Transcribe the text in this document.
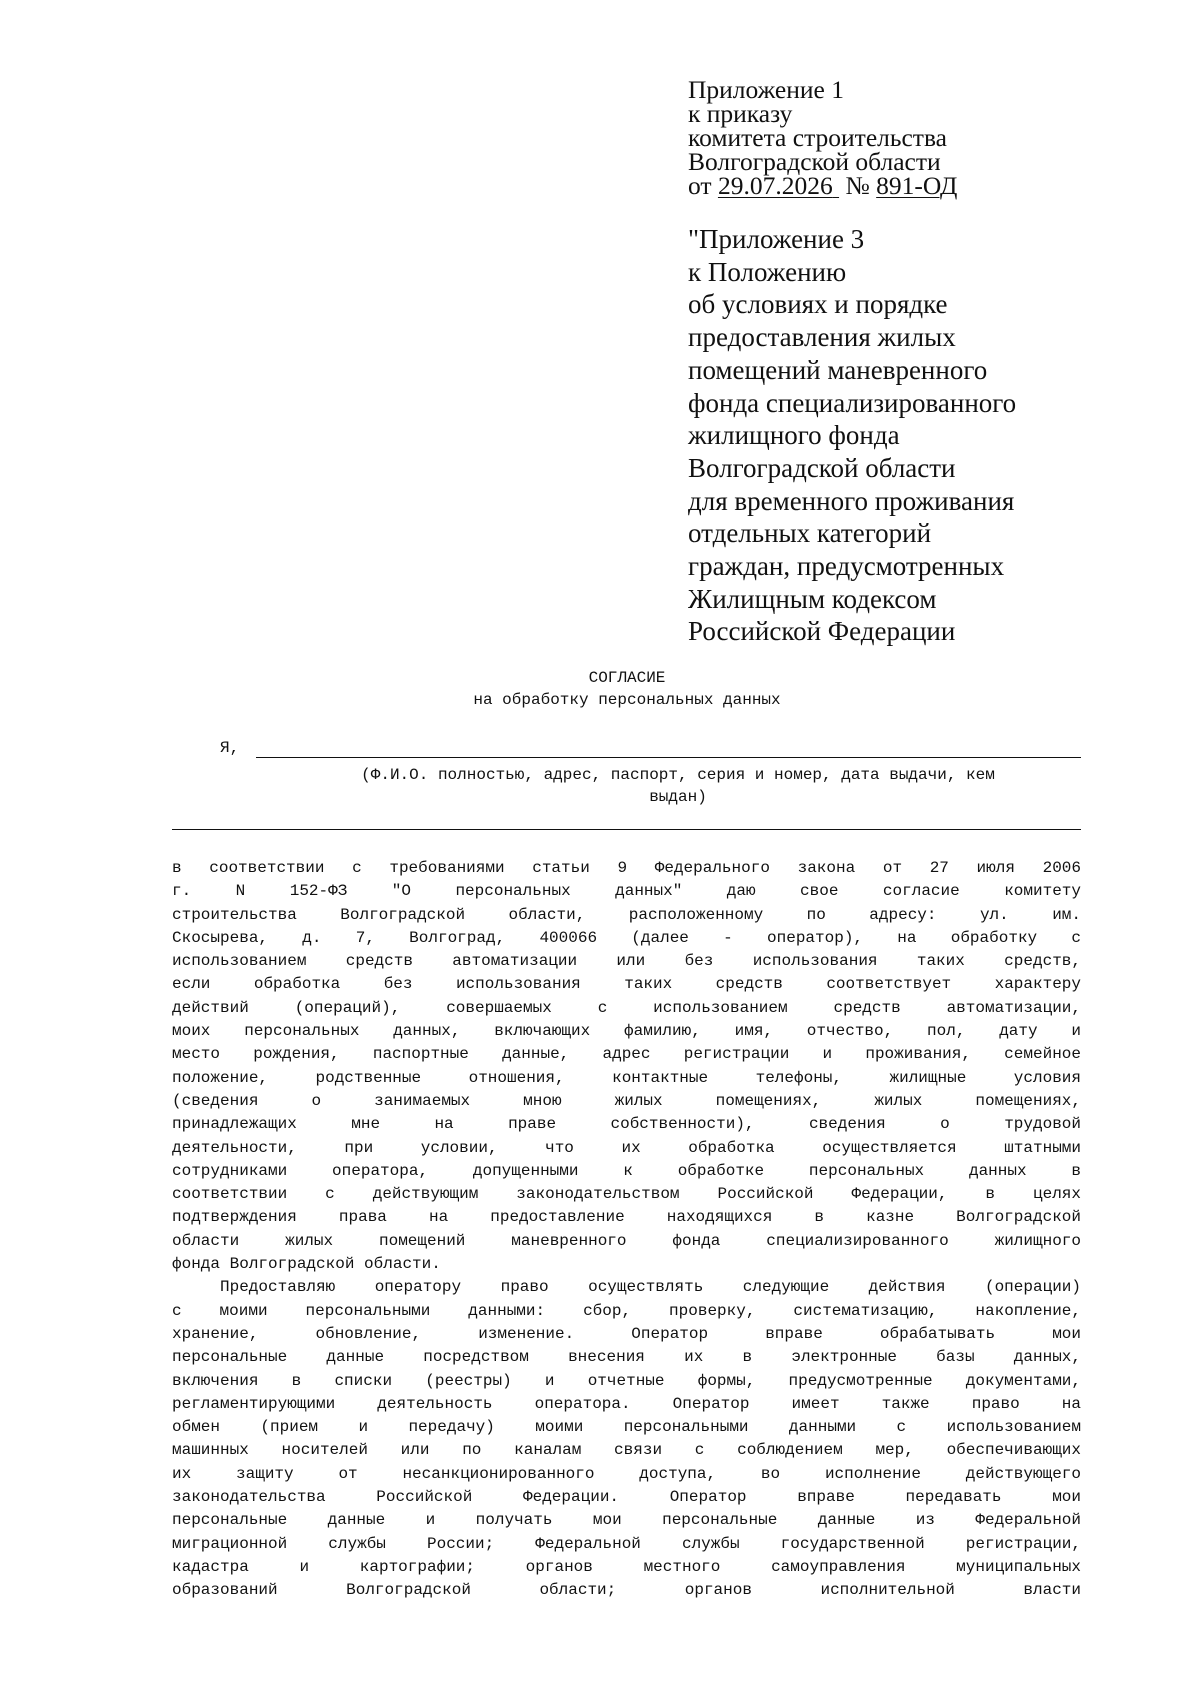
Приложение 1
к приказу
комитета строительства
Волгоградской области
от 29.07.2026 № 891-ОД
"Приложение 3
к Положению
об условиях и порядке
предоставления жилых
помещений маневренного
фонда специализированного
жилищного фонда
Волгоградской области
для временного проживания
отдельных категорий
граждан, предусмотренных
Жилищным кодексом
Российской Федерации
СОГЛАСИЕ
на обработку персональных данных
Я,
(Ф.И.О. полностью, адрес, паспорт, серия и номер, дата выдачи, кем
выдан)
в соответствии с требованиями статьи 9 Федерального закона от 27 июля 2006
г. N 152-ФЗ "О персональных данных" даю свое согласие комитету
строительства Волгоградской области, расположенному по адресу: ул. им.
Скосырева, д. 7, Волгоград, 400066 (далее - оператор), на обработку с
использованием средств автоматизации или без использования таких средств,
если обработка без использования таких средств соответствует характеру
действий (операций), совершаемых с использованием средств автоматизации,
моих персональных данных, включающих фамилию, имя, отчество, пол, дату и
место рождения, паспортные данные, адрес регистрации и проживания, семейное
положение, родственные отношения, контактные телефоны, жилищные условия
(сведения о занимаемых мною жилых помещениях, жилых помещениях,
принадлежащих мне на праве собственности), сведения о трудовой
деятельности, при условии, что их обработка осуществляется штатными
сотрудниками оператора, допущенными к обработке персональных данных в
соответствии с действующим законодательством Российской Федерации, в целях
подтверждения права на предоставление находящихся в казне Волгоградской
области жилых помещений маневренного фонда специализированного жилищного
фонда Волгоградской области.
Предоставляю оператору право осуществлять следующие действия (операции)
с моими персональными данными: сбор, проверку, систематизацию, накопление,
хранение, обновление, изменение. Оператор вправе обрабатывать мои
персональные данные посредством внесения их в электронные базы данных,
включения в списки (реестры) и отчетные формы, предусмотренные документами,
регламентирующими деятельность оператора. Оператор имеет также право на
обмен (прием и передачу) моими персональными данными с использованием
машинных носителей или по каналам связи с соблюдением мер, обеспечивающих
их защиту от несанкционированного доступа, во исполнение действующего
законодательства Российской Федерации. Оператор вправе передавать мои
персональные данные и получать мои персональные данные из Федеральной
миграционной службы России; Федеральной службы государственной регистрации,
кадастра и картографии; органов местного самоуправления муниципальных
образований Волгоградской области; органов исполнительной власти
